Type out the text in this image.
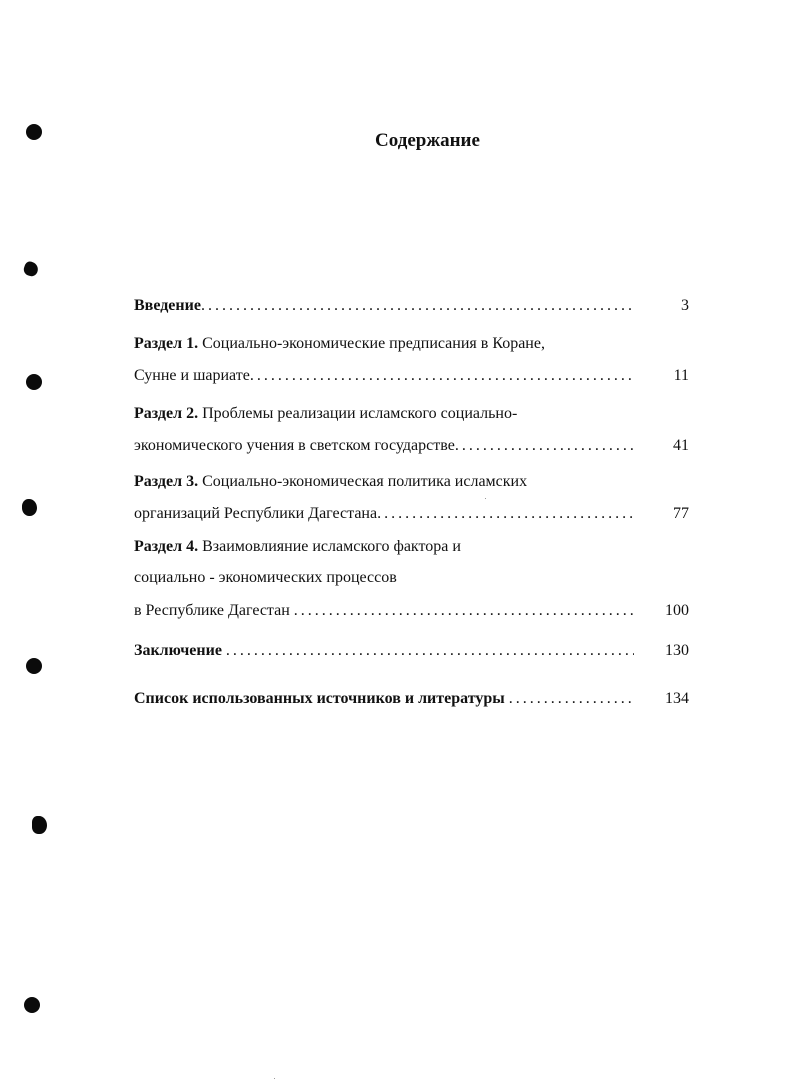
Содержание
Введение . . .	3
Раздел 1. Социально-экономические предписания в Коране,
Сунне и шариате . . .	11
Раздел 2. Проблемы реализации исламского социально-
экономического учения в светском государстве . . .	41
Раздел 3. Социально-экономическая политика исламских
организаций Республики Дагестана . . .	77
Раздел 4. Взаимовлияние исламского фактора и
социально - экономических процессов
в Республике Дагестан . . .	100
Заключение . . .	130
Список использованных источников и литературы . . .	134
